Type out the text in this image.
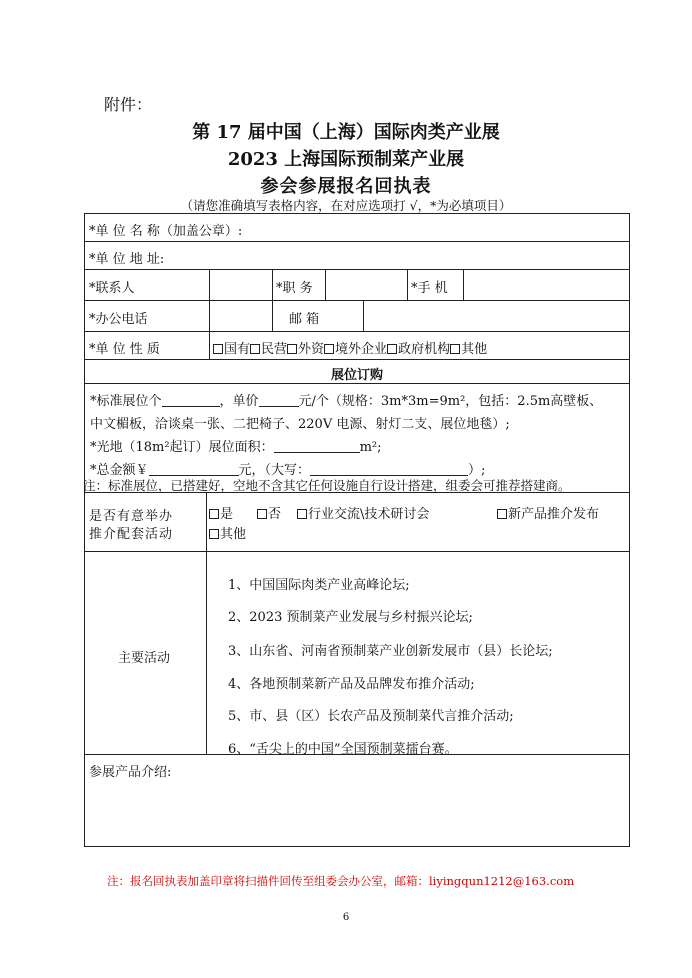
附件：
第 17 届中国（上海）国际肉类产业展
2023 上海国际预制菜产业展
参会参展报名回执表
（请您准确填写表格内容，在对应选项打 √，*为必填项目）
*单 位 名 称（加盖公章）:
*单 位 地 址:
*联系人	*职 务	*手 机
*办公电话	邮 箱
*单 位 性 质	国有 民营 外资 境外企业 政府机构 其他
展位订购
*标准展位个	，单价	元/个（规格：3m*3m=9m²，包括：2.5m高壁板、
中文楣板，洽谈桌一张、二把椅子、220V 电源、射灯二支、展位地毯）;
*光地（18m²起订）展位面积：	m²;
*总金额￥	元，（大写：	）;
注：标准展位，已搭建好，空地不含其它任何设施自行设计搭建，组委会可推荐搭建商。
是否有意举办
推介配套活动
是	否	行业交流\技术研讨会	新产品推介发布
其他
主要活动
1、中国国际肉类产业高峰论坛;
2、2023 预制菜产业发展与乡村振兴论坛;
3、山东省、河南省预制菜产业创新发展市（县）长论坛;
4、各地预制菜新产品及品牌发布推介活动;
5、市、县（区）长农产品及预制菜代言推介活动;
6、“舌尖上的中国”全国预制菜擂台赛。
参展产品介绍:
注：报名回执表加盖印章将扫描件回传至组委会办公室，邮箱：liyingqun1212@163.com
6
